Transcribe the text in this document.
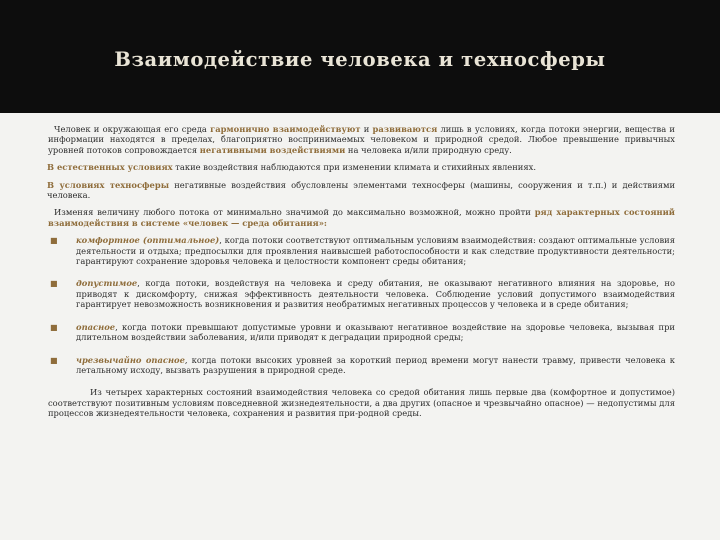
Взаимодействие человека и техносферы

Человек и окружающая его среда гармонично взаимодействуют и развиваются лишь в условиях, когда потоки энергии, вещества и информации находятся в пределах, благоприятно воспринимаемых человеком и природной средой. Любое превышение привычных уровней потоков сопровождается негативными воздействиями на человека и/или природную среду.

В естественных условиях такие воздействия наблюдаются при изменении климата и стихийных явлениях.

В условиях техносферы негативные воздействия обусловлены элементами техносферы (машины, сооружения и т.п.) и действиями человека.

Изменяя величину любого потока от минимально значимой до максимально возможной, можно пройти ряд характерных состояний взаимодействия в системе «человек — среда обитания»:

■ комфортное (оптимальное), когда потоки соответствуют оптимальным условиям взаимодействия: создают оптимальные условия деятельности и отдыха; предпосылки для проявления наивысшей работоспособности и как следствие продуктивности деятельности; гарантируют сохранение здоровья человека и целостности компонент среды обитания;
■ допустимое, когда потоки, воздействуя на человека и среду обитания, не оказывают негативного влияния на здоровье, но приводят к дискомфорту, снижая эффективность деятельности человека. Соблюдение условий допустимого взаимодействия гарантирует невозможность возникновения и развития необратимых негативных процессов у человека и в среде обитания;
■ опасное, когда потоки превышают допустимые уровни и оказывают негативное воздействие на здоровье человека, вызывая при длительном воздействии заболевания, и/или приводят к деградации природной среды;
■ чрезвычайно опасное, когда потоки высоких уровней за короткий период времени могут нанести травму, привести человека к летальному исходу, вызвать разрушения в природной среде.

Из четырех характерных состояний взаимодействия человека со средой обитания лишь первые два (комфортное и допустимое) соответствуют позитивным условиям повседневной жизнедеятельности, а два других (опасное и чрезвычайно опасное) — недопустимы для процессов жизнедеятельности человека, сохранения и развития при-родной среды.
